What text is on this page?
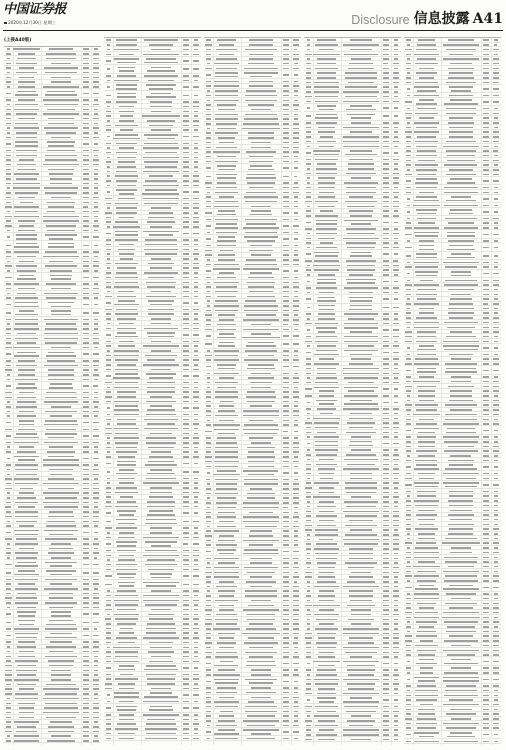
中国证券报
2020年12月30日 星期三	Disclosure 信息披露 A41
(上接A40版)
